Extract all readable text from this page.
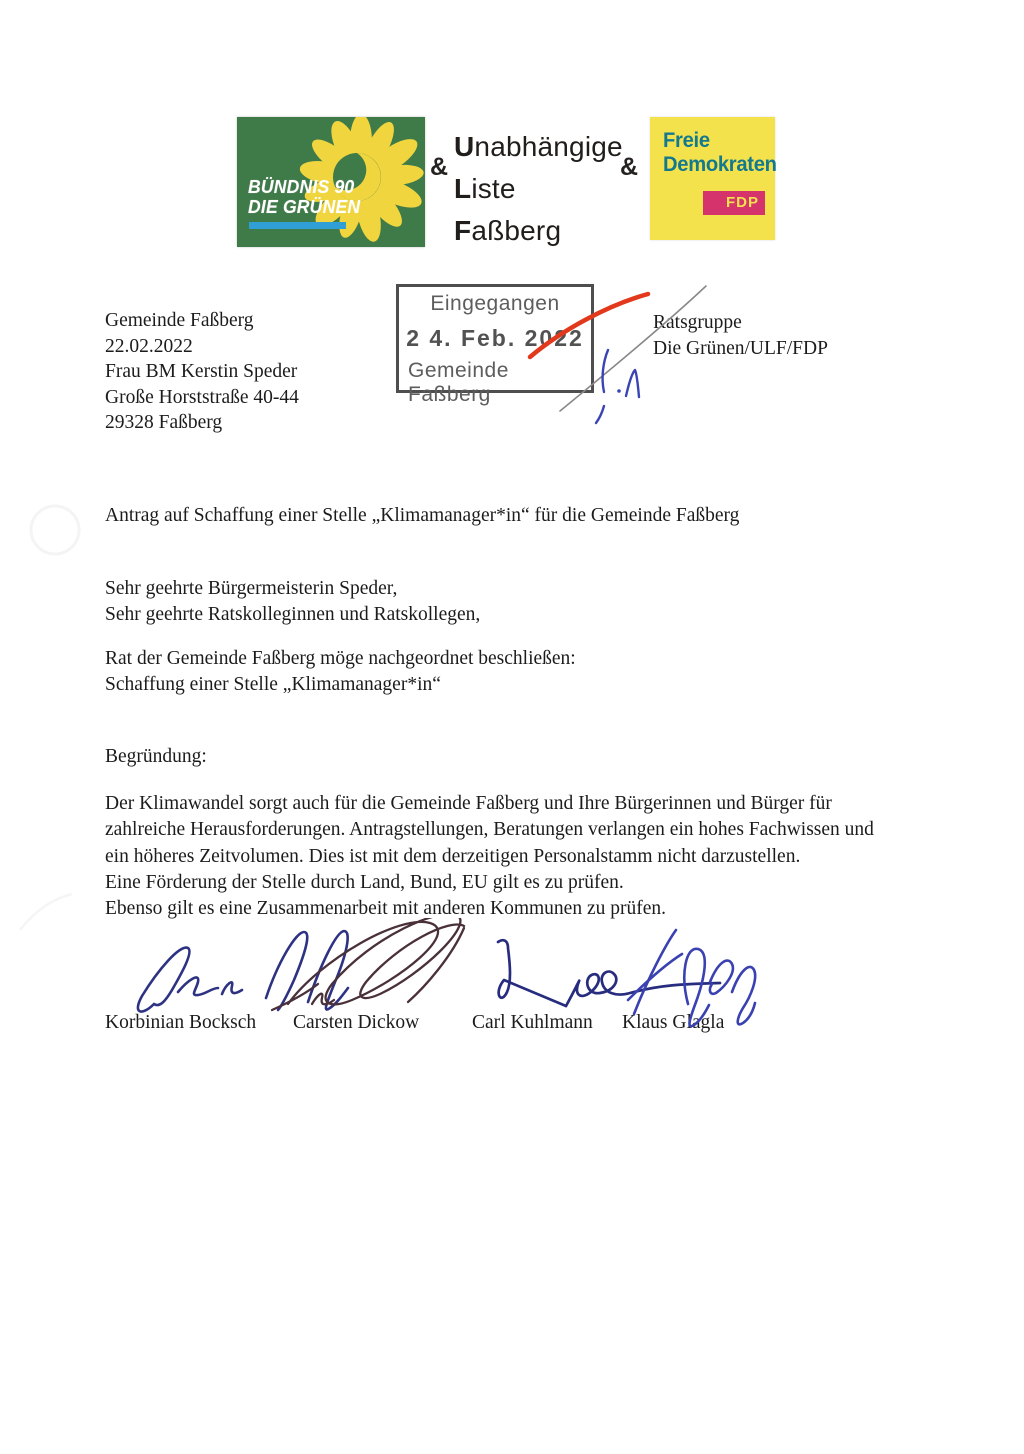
BÜNDNIS 90
DIE GRÜNEN
&
Unabhängige
Liste
Faßberg
&
Freie
Demokraten
FDP
Gemeinde Faßberg
22.02.2022
Frau BM Kerstin Speder
Große Horststraße 40-44
29328 Faßberg
Eingegangen
2 4. Feb. 2022
Gemeinde Faßberg
Ratsgruppe
Die Grünen/ULF/FDP
Antrag auf Schaffung einer Stelle „Klimamanager*in“ für die Gemeinde Faßberg
Sehr geehrte Bürgermeisterin Speder,
Sehr geehrte Ratskolleginnen und Ratskollegen,
Rat der Gemeinde Faßberg möge nachgeordnet beschließen:
Schaffung einer Stelle „Klimamanager*in“
Begründung:
Der Klimawandel sorgt auch für die Gemeinde Faßberg und Ihre Bürgerinnen und Bürger für
zahlreiche Herausforderungen. Antragstellungen, Beratungen verlangen ein hohes Fachwissen und
ein höheres Zeitvolumen. Dies ist mit dem derzeitigen Personalstamm nicht darzustellen.
Eine Förderung der Stelle durch Land, Bund, EU gilt es zu prüfen.
Ebenso gilt es eine Zusammenarbeit mit anderen Kommunen zu prüfen.
Korbinian Bocksch Carsten Dickow	Carl Kuhlmann Klaus Glagla
